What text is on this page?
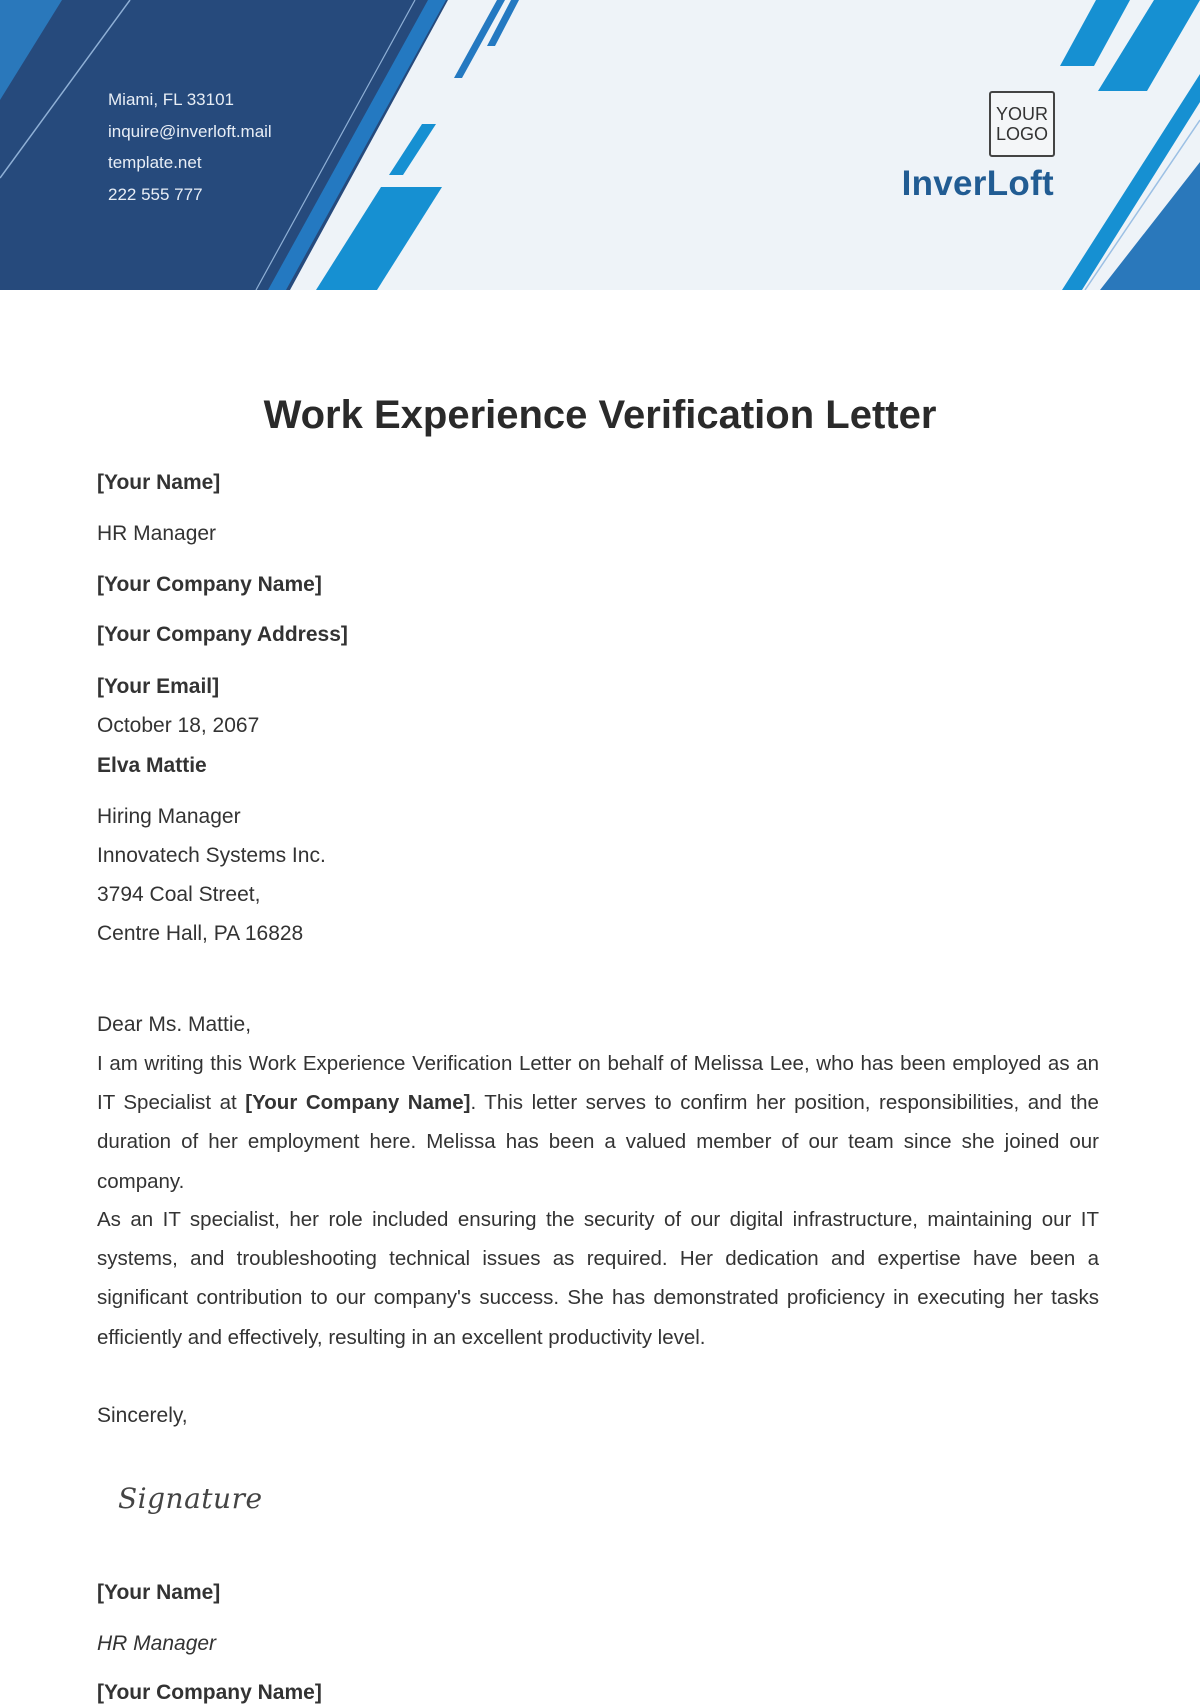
Miami, FL 33101
inquire@inverloft.mail
template.net
222 555 777
YOUR
LOGO
InverLoft
Work Experience Verification Letter
[Your Name]
HR Manager
[Your Company Name]
[Your Company Address]
[Your Email]
October 18, 2067
Elva Mattie
Hiring Manager
Innovatech Systems Inc.
3794 Coal Street,
Centre Hall, PA 16828
Dear Ms. Mattie,

I am writing this Work Experience Verification Letter on behalf of Melissa Lee, who has been employed as an IT Specialist at [Your Company Name]. This letter serves to confirm her position, responsibilities, and the duration of her employment here. Melissa has been a valued member of our team since she joined our company.

As an IT specialist, her role included ensuring the security of our digital infrastructure, maintaining our IT systems, and troubleshooting technical issues as required. Her dedication and expertise have been a significant contribution to our company's success. She has demonstrated proficiency in executing her tasks efficiently and effectively, resulting in an excellent productivity level.

Sincerely,
Signature
[Your Name]
HR Manager
[Your Company Name]
